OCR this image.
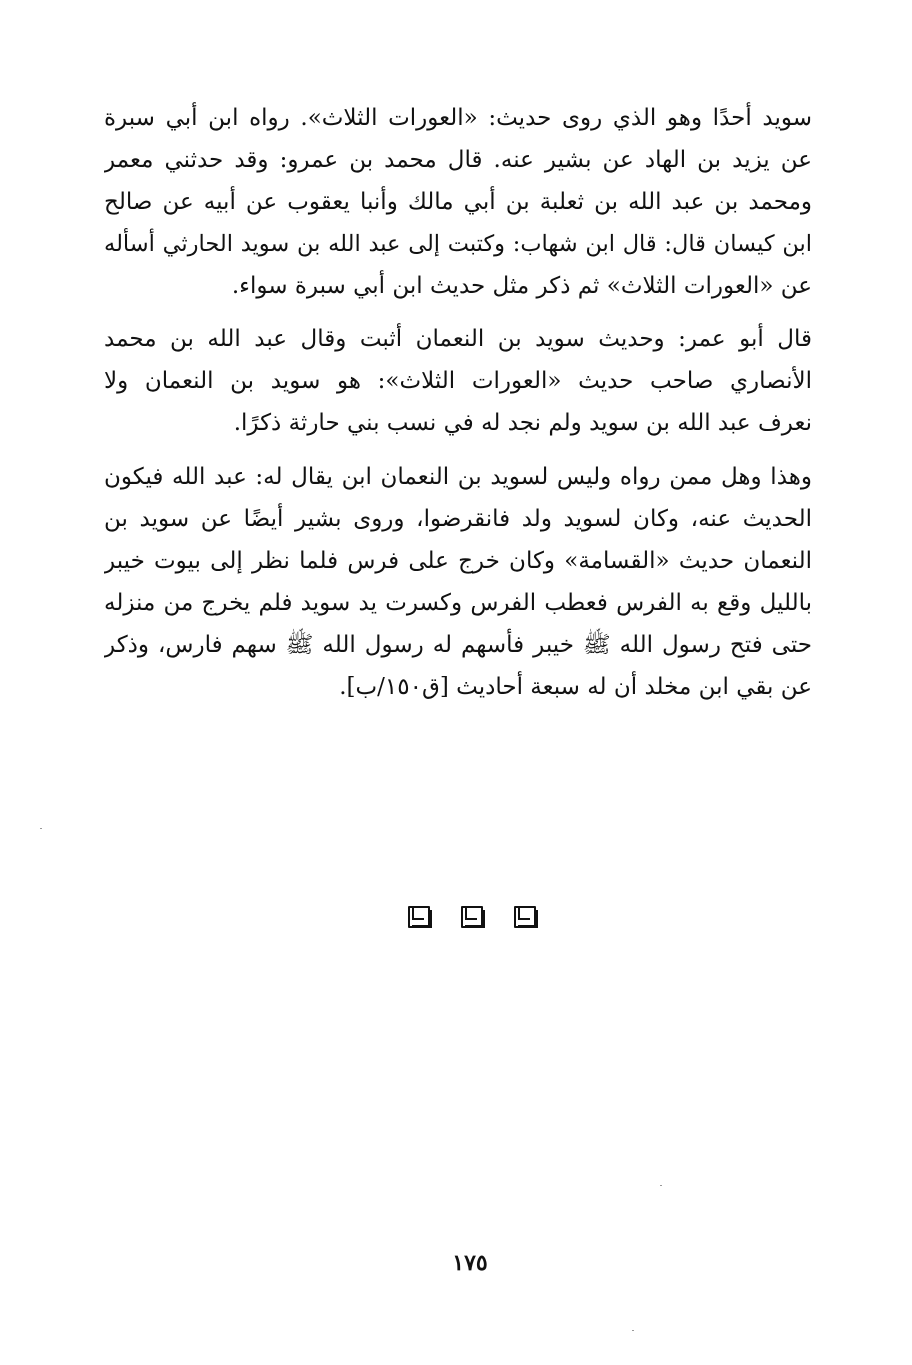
سويد أحدًا وهو الذي روى حديث: «العورات الثلاث». رواه ابن أبي سبرة
عن يزيد بن الهاد عن بشير عنه. قال محمد بن عمرو: وقد حدثني معمر
ومحمد بن عبد الله بن ثعلبة بن أبي مالك وأنبا يعقوب عن أبيه عن صالح
ابن كيسان قال: قال ابن شهاب: وكتبت إلى عبد الله بن سويد الحارثي أسأله
عن «العورات الثلاث» ثم ذكر مثل حديث ابن أبي سبرة سواء.
قال أبو عمر: وحديث سويد بن النعمان أثبت وقال عبد الله بن محمد
الأنصاري صاحب حديث «العورات الثلاث»: هو سويد بن النعمان ولا
نعرف عبد الله بن سويد ولم نجد له في نسب بني حارثة ذكرًا.
وهذا وهل ممن رواه وليس لسويد بن النعمان ابن يقال له: عبد الله فيكون
الحديث عنه، وكان لسويد ولد فانقرضوا، وروى بشير أيضًا عن سويد بن
النعمان حديث «القسامة» وكان خرج على فرس فلما نظر إلى بيوت خيبر
بالليل وقع به الفرس فعطب الفرس وكسرت يد سويد فلم يخرج من منزله
حتى فتح رسول الله ﷺ خيبر فأسهم له رسول الله ﷺ سهم فارس، وذكر
عن بقي ابن مخلد أن له سبعة أحاديث [ق١٥٠/ب].
١٧٥
